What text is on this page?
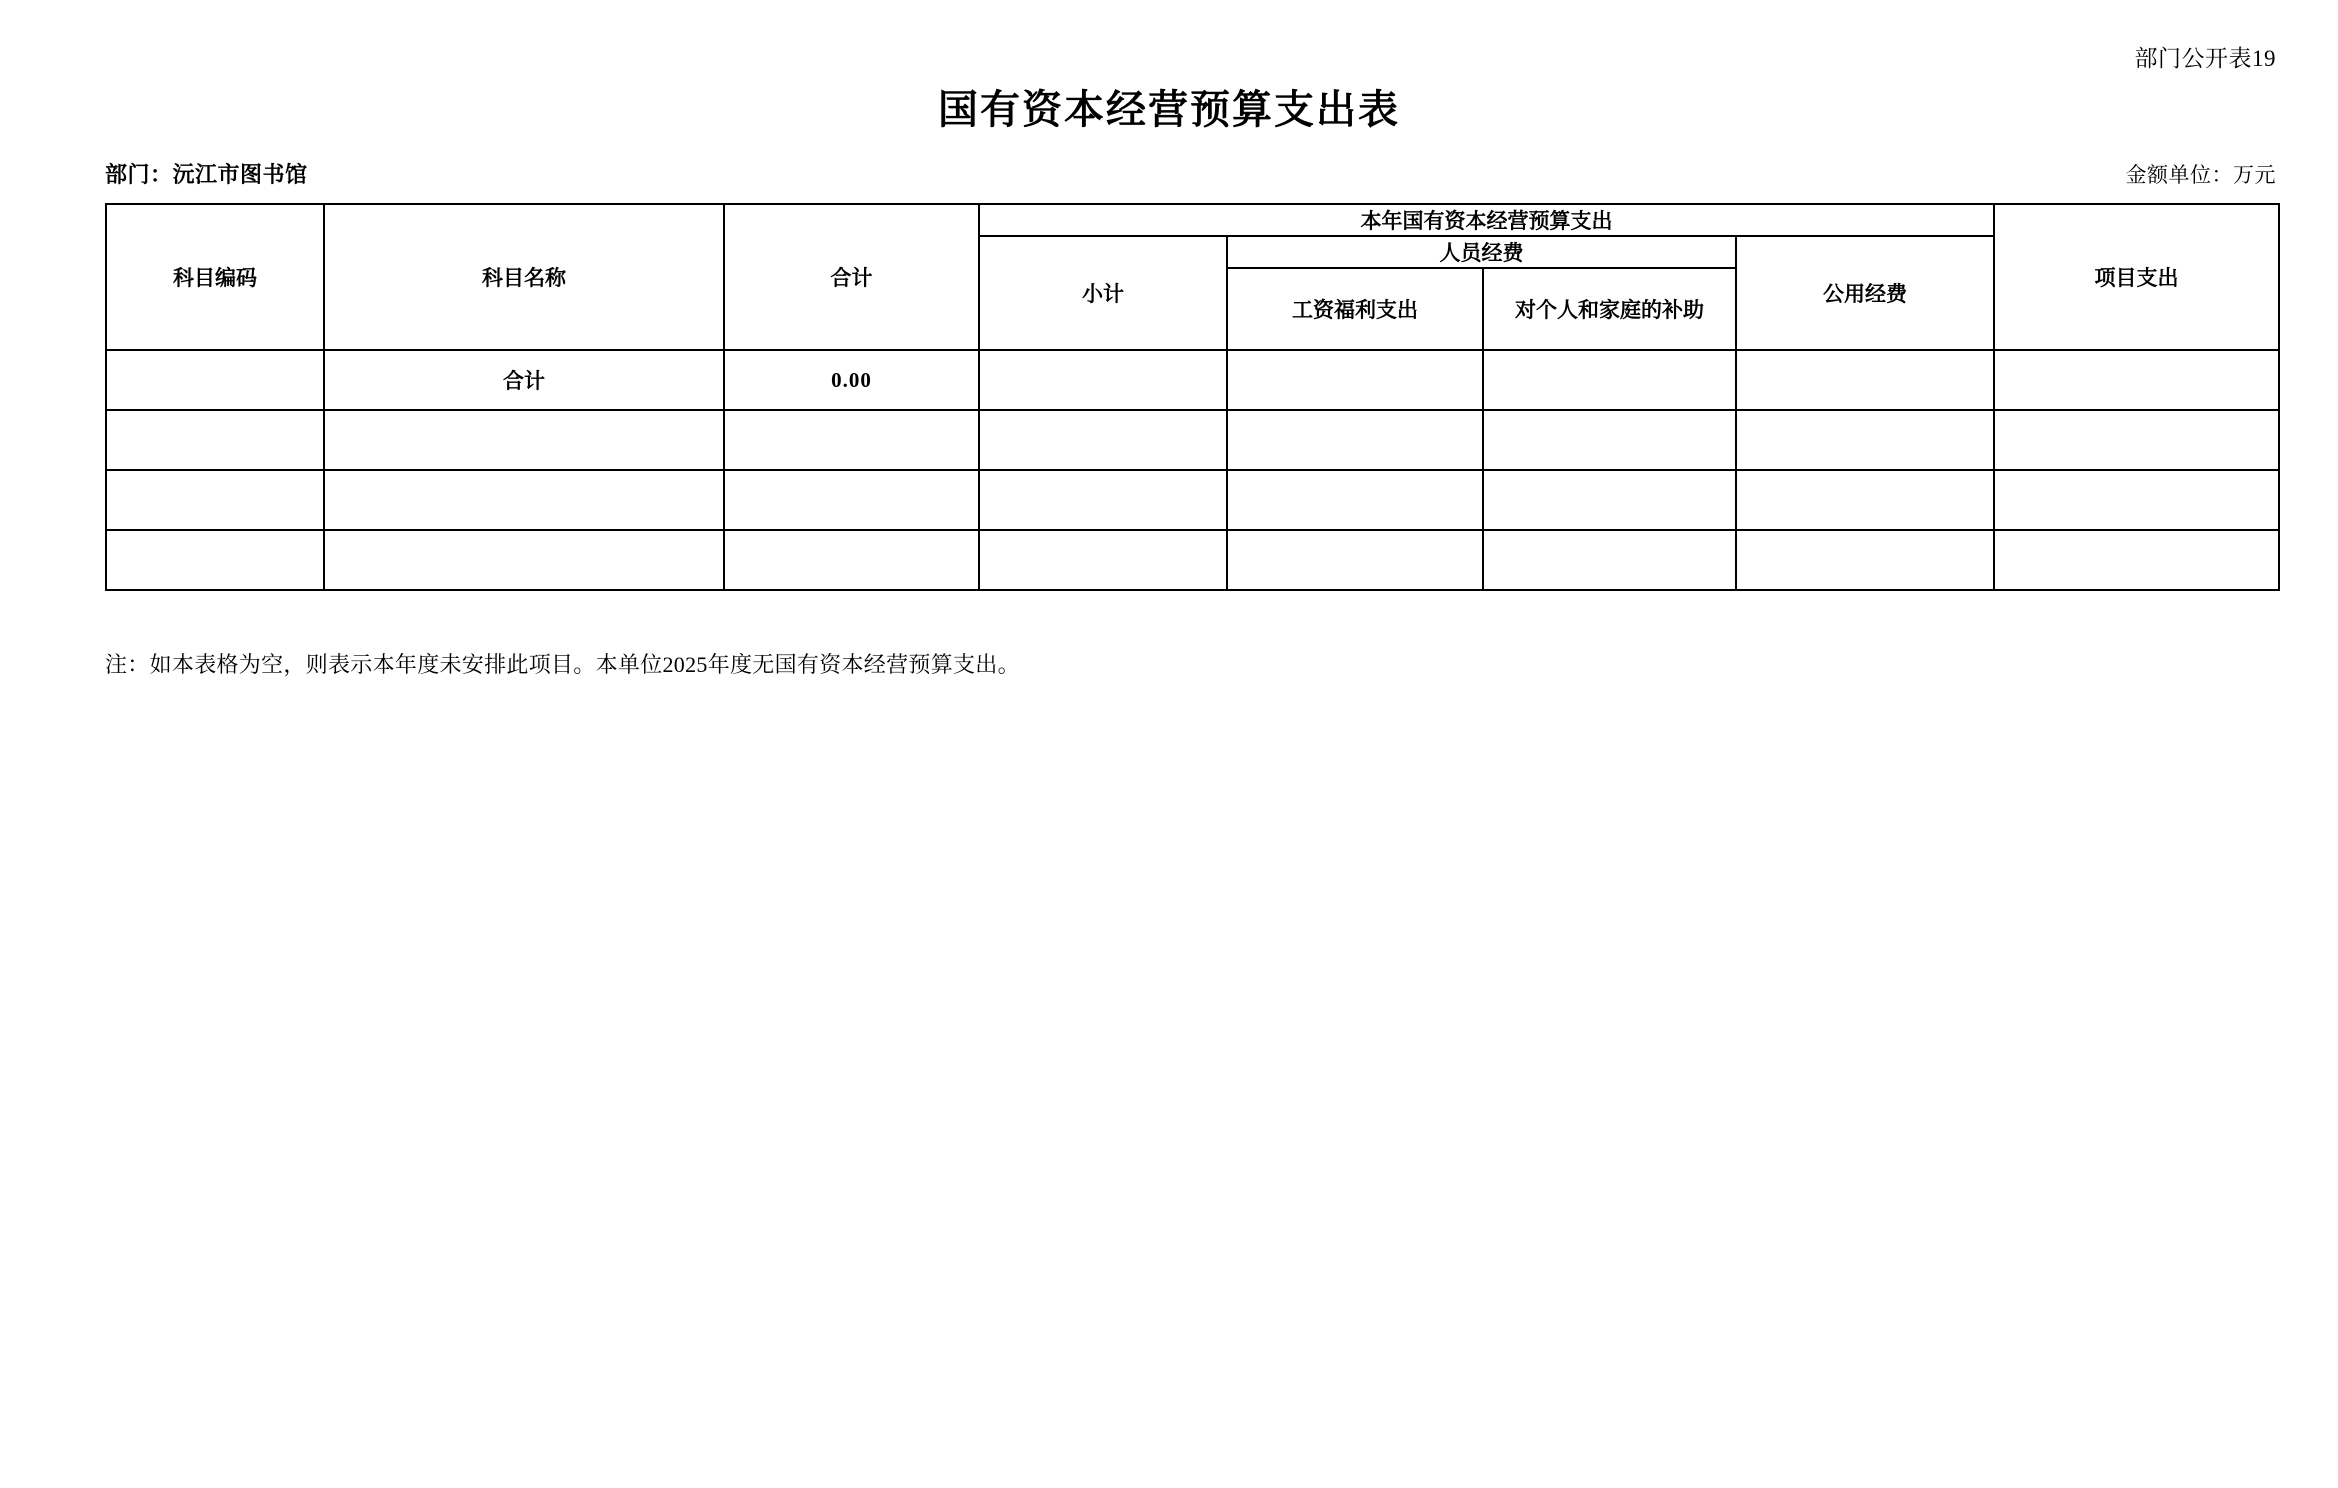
部门公开表19
国有资本经营预算支出表
部门：沅江市图书馆	金额单位：万元
科目编码	科目名称	合计	本年国有资本经营预算支出				项目支出
			小计	人员经费		公用经费	
				工资福利支出	对个人和家庭的补助		
	合计	0.00					

注：如本表格为空，则表示本年度未安排此项目。本单位2025年度无国有资本经营预算支出。
